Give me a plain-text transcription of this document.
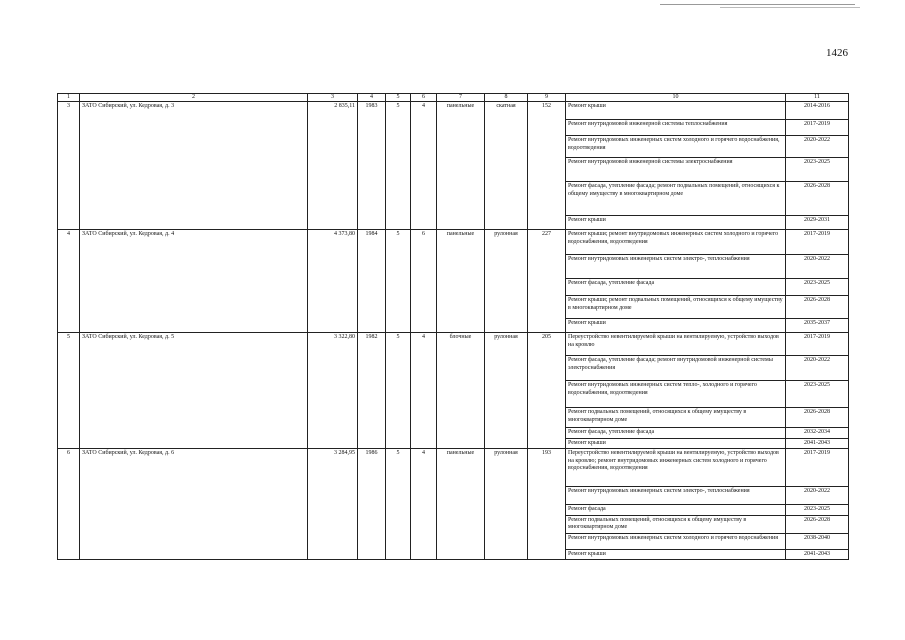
1426
1	2	3	4	5	6	7	8	9	10	11
3	ЗАТО Сибирский, ул. Кедровая, д. 3	2 835,11	1983	5	4	панельные	скатная	152	Ремонт крыши	2014-2016
									Ремонт внутридомовой инженерной системы теплоснабжения	2017-2019
									Ремонт внутридомовых инженерных систем холодного и горячего водоснабжения, водоотведения	2020-2022
									Ремонт внутридомовой инженерной системы электроснабжения	2023-2025
									Ремонт фасада, утепление фасада; ремонт подвальных помещений, относящихся к общему имуществу в многоквартирном доме	2026-2028
									Ремонт крыши	2029-2031
4	ЗАТО Сибирский, ул. Кедровая, д. 4	4 373,80	1984	5	6	панельные	рулонная	227	Ремонт крыши; ремонт внутридомовых инженерных систем холодного и горячего водоснабжения, водоотведения	2017-2019
									Ремонт внутридомовых инженерных систем электро-, теплоснабжения	2020-2022
									Ремонт фасада, утепление фасада	2023-2025
									Ремонт крыши; ремонт подвальных помещений, относящихся к общему имуществу в многоквартирном доме	2026-2028
									Ремонт крыши	2035-2037
5	ЗАТО Сибирский, ул. Кедровая, д. 5	3 322,80	1982	5	4	блочные	рулонная	205	Переустройство невентилируемой крыши на вентилируемую, устройство выходов на кровлю	2017-2019
									Ремонт фасада, утепление фасада; ремонт внутридомовой инженерной системы электроснабжения	2020-2022
									Ремонт внутридомовых инженерных систем тепло-, холодного и горячего водоснабжения, водоотведения	2023-2025
									Ремонт подвальных помещений, относящихся к общему имуществу в многоквартирном доме	2026-2028
									Ремонт фасада, утепление фасада	2032-2034
									Ремонт крыши	2041-2043
6	ЗАТО Сибирский, ул. Кедровая, д. 6	3 284,95	1986	5	4	панельные	рулонная	193	Переустройство невентилируемой крыши на вентилируемую, устройство выходов на кровлю; ремонт внутридомовых инженерных систем холодного и горячего водоснабжения, водоотведения	2017-2019
									Ремонт внутридомовых инженерных систем электро-, теплоснабжения	2020-2022
									Ремонт фасада	2023-2025
									Ремонт подвальных помещений, относящихся к общему имуществу в многоквартирном доме	2026-2028
									Ремонт внутридомовых инженерных систем холодного и горячего водоснабжения	2038-2040
									Ремонт крыши	2041-2043
